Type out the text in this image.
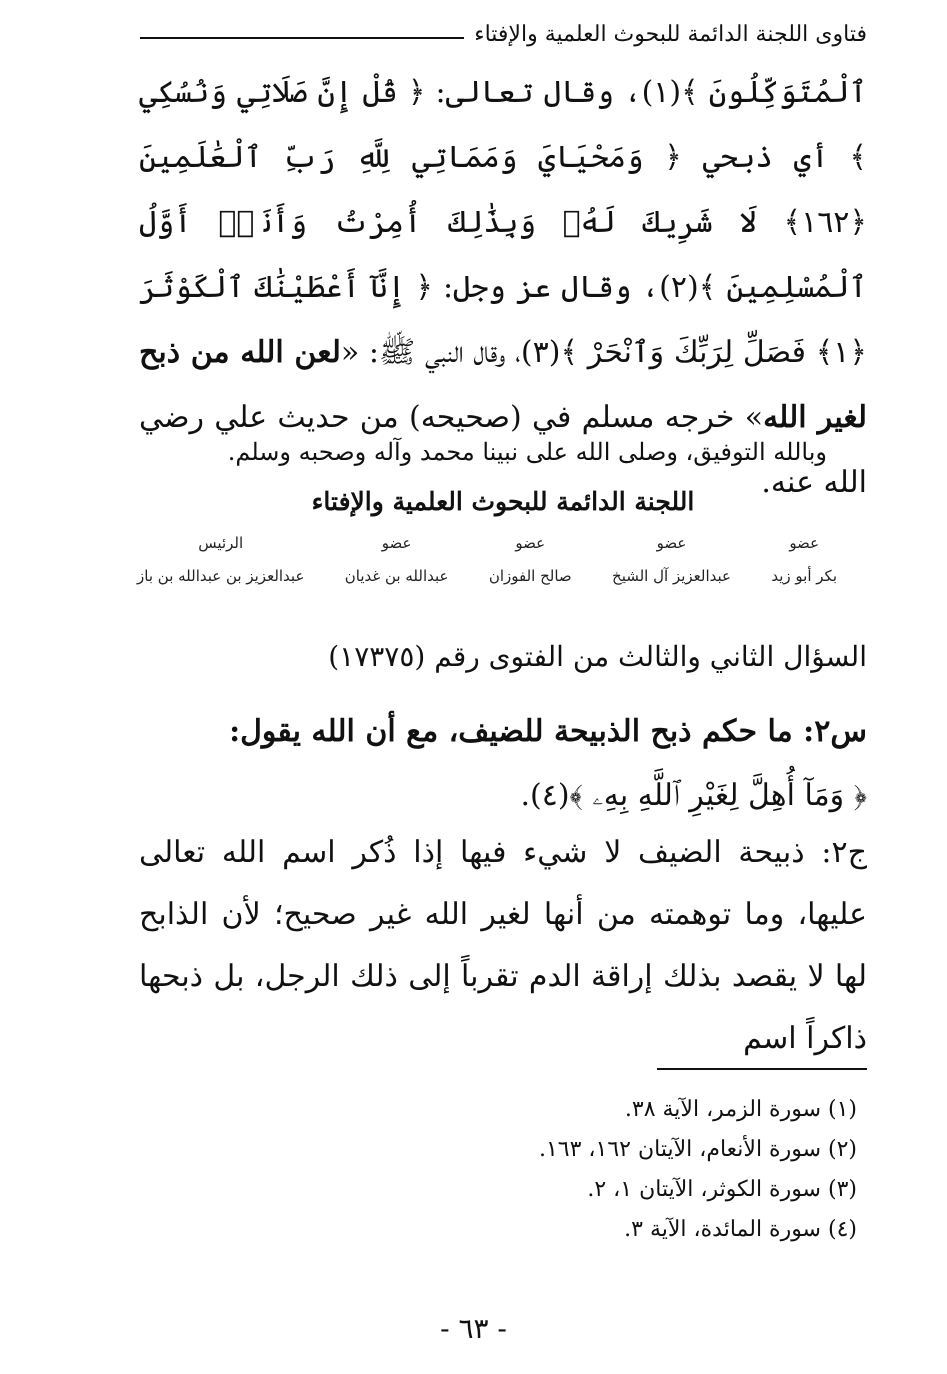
فتاوى اللجنة الدائمة للبحوث العلمية والإفتاء

ٱلْمُتَوَكِّلُونَ ﴾(١)، وقال تعالى: ﴿ قُلْ إِنَّ صَلَاتِي وَنُسُكِي ﴾ أي ذبحي ﴿ وَمَحْيَايَ وَمَمَاتِي لِلَّهِ رَبِّ ٱلْعَٰلَمِينَ ﴿١٦٢﴾ لَا شَرِيكَ لَهُۥ وَبِذَٰلِكَ أُمِرْتُ وَأَنَا۠ أَوَّلُ ٱلْمُسْلِمِينَ ﴾(٢)، وقال عز وجل: ﴿ إِنَّآ أَعْطَيْنَٰكَ ٱلْكَوْثَرَ ﴿١﴾ فَصَلِّ لِرَبِّكَ وَٱنْحَرْ ﴾(٣)، وقال النبي ﷺ: «لعن الله من ذبح لغير الله» خرجه مسلم في (صحيحه) من حديث علي رضي الله عنه.

وبالله التوفيق، وصلى الله على نبينا محمد وآله وصحبه وسلم.
اللجنة الدائمة للبحوث العلمية والإفتاء
عضو
بكر أبو زيد
عضو
عبدالعزيز آل الشيخ
عضو
صالح الفوزان
عضو
عبدالله بن غديان
الرئيس
عبدالعزيز بن عبدالله بن باز
السؤال الثاني والثالث من الفتوى رقم (١٧٣٧٥)
س٢: ما حكم ذبح الذبيحة للضيف، مع أن الله يقول:
﴿ وَمَآ أُهِلَّ لِغَيْرِ ٱللَّهِ بِهِۦ ﴾(٤).
ج٢: ذبيحة الضيف لا شيء فيها إذا ذُكر اسم الله تعالى عليها، وما توهمته من أنها لغير الله غير صحيح؛ لأن الذابح لها لا يقصد بذلك إراقة الدم تقرباً إلى ذلك الرجل، بل ذبحها ذاكراً اسم
(١) سورة الزمر، الآية ٣٨.
(٢) سورة الأنعام، الآيتان ١٦٢، ١٦٣.
(٣) سورة الكوثر، الآيتان ١، ٢.
(٤) سورة المائدة، الآية ٣.
- ٦٣ -
